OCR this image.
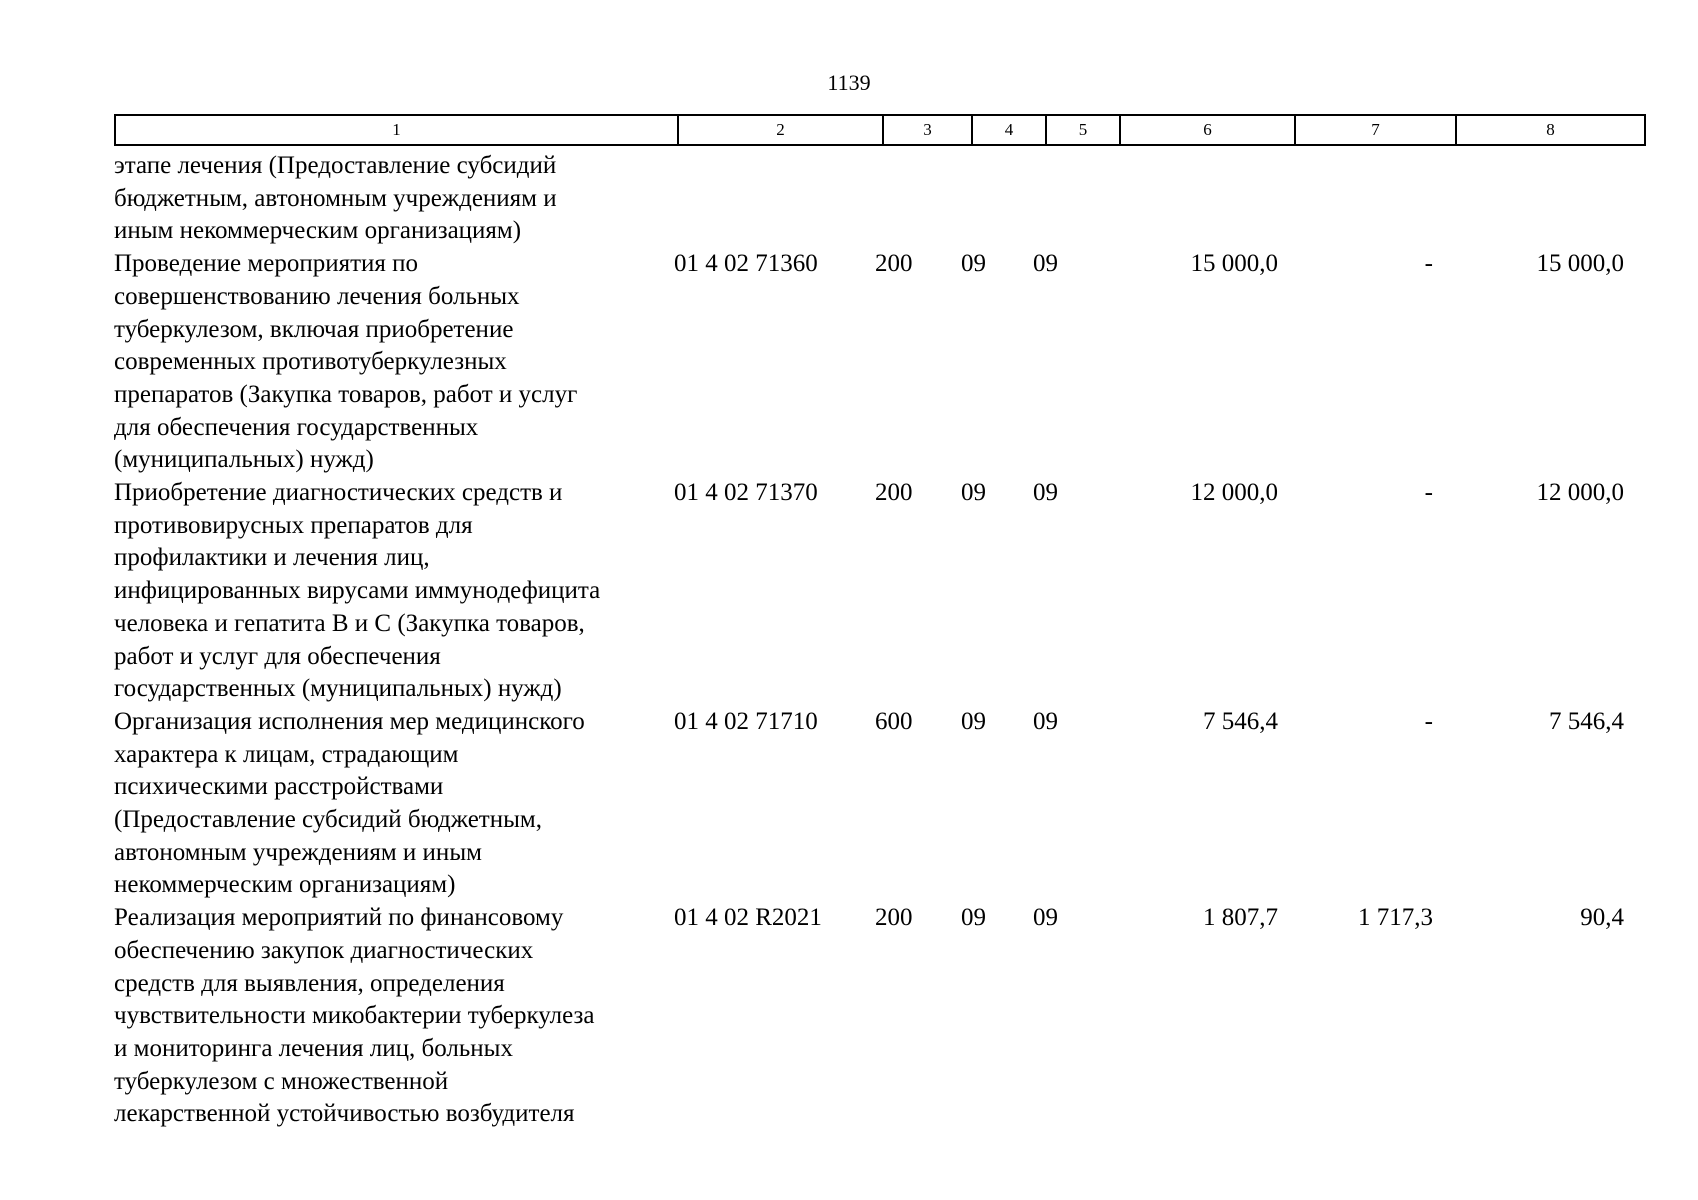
1139
1	2	3	4	5	6	7	8
этапе лечения (Предоставление субсидий
бюджетным, автономным учреждениям и
иным некоммерческим организациям)
Проведение мероприятия по
совершенствованию лечения больных
туберкулезом, включая приобретение
современных противотуберкулезных
препаратов (Закупка товаров, работ и услуг
для обеспечения государственных
(муниципальных) нужд)
01 4 02 71360	200	09	09	15 000,0	-	15 000,0
Приобретение диагностических средств и
противовирусных препаратов для
профилактики и лечения лиц,
инфицированных вирусами иммунодефицита
человека и гепатита В и С (Закупка товаров,
работ и услуг для обеспечения
государственных (муниципальных) нужд)
01 4 02 71370	200	09	09	12 000,0	-	12 000,0
Организация исполнения мер медицинского
характера к лицам, страдающим
психическими расстройствами
(Предоставление субсидий бюджетным,
автономным учреждениям и иным
некоммерческим организациям)
01 4 02 71710	600	09	09	7 546,4	-	7 546,4
Реализация мероприятий по финансовому
обеспечению закупок диагностических
средств для выявления, определения
чувствительности микобактерии туберкулеза
и мониторинга лечения лиц, больных
туберкулезом с множественной
лекарственной устойчивостью возбудителя
01 4 02 R2021	200	09	09	1 807,7	1 717,3	90,4
